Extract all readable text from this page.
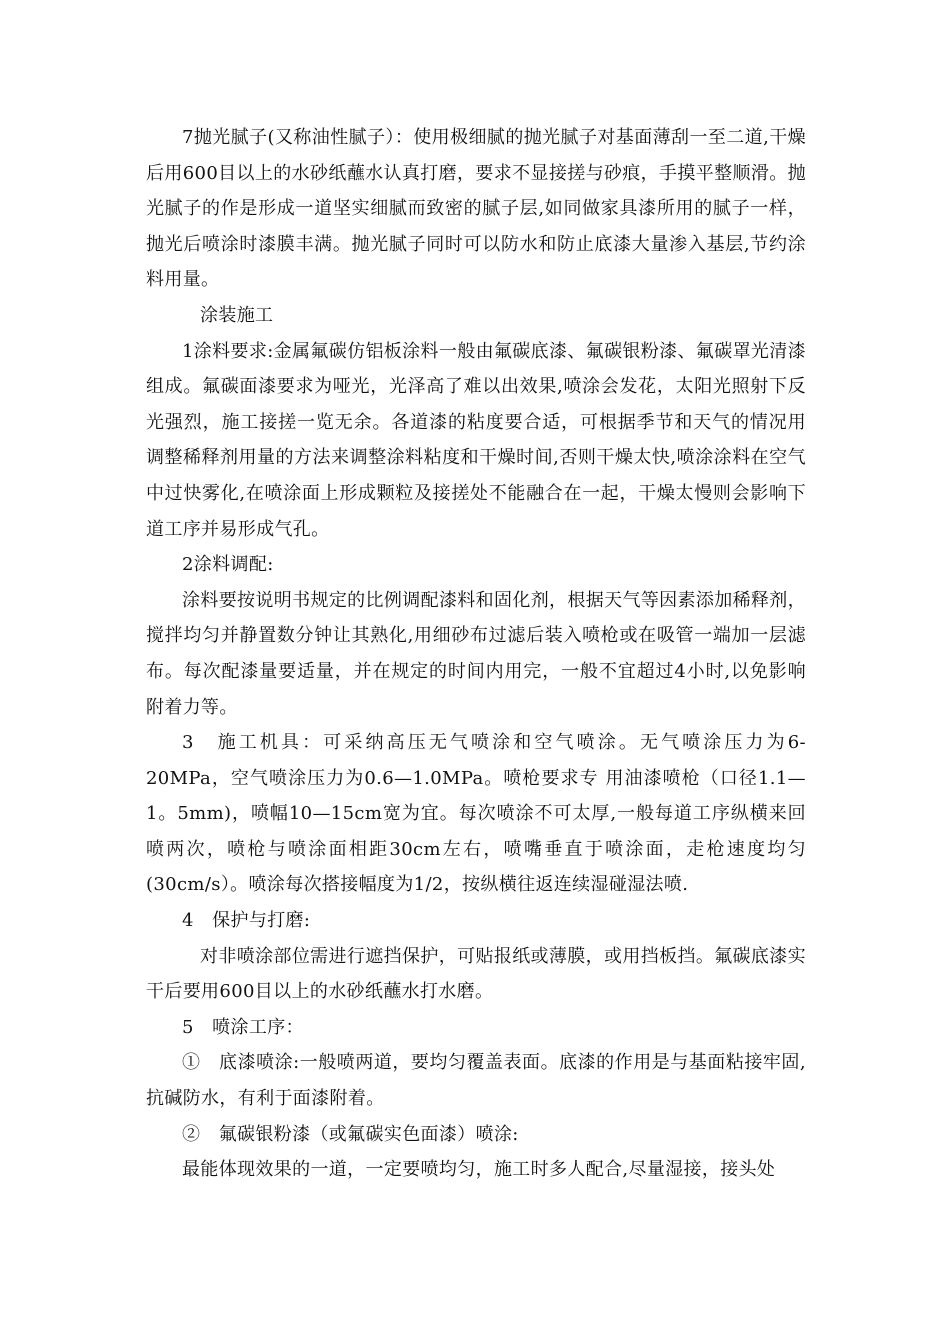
7抛光腻子(又称油性腻子）：使用极细腻的抛光腻子对基面薄刮一至二道,干燥后用600目以上的水砂纸蘸水认真打磨，要求不显接搓与砂痕，手摸平整顺滑。抛光腻子的作是形成一道坚实细腻而致密的腻子层,如同做家具漆所用的腻子一样，抛光后喷涂时漆膜丰满。抛光腻子同时可以防水和防止底漆大量渗入基层,节约涂料用量。

涂装施工

1涂料要求:金属氟碳仿铝板涂料一般由氟碳底漆、氟碳银粉漆、氟碳罩光清漆组成。氟碳面漆要求为哑光，光泽高了难以出效果,喷涂会发花，太阳光照射下反光强烈，施工接搓一览无余。各道漆的粘度要合适，可根据季节和天气的情况用调整稀释剂用量的方法来调整涂料粘度和干燥时间,否则干燥太快,喷涂涂料在空气中过快雾化,在喷涂面上形成颗粒及接搓处不能融合在一起，干燥太慢则会影响下道工序并易形成气孔。

2涂料调配:

涂料要按说明书规定的比例调配漆料和固化剂，根据天气等因素添加稀释剂，搅拌均匀并静置数分钟让其熟化,用细砂布过滤后装入喷枪或在吸管一端加一层滤布。每次配漆量要适量，并在规定的时间内用完，一般不宜超过4小时,以免影响附着力等。

3　施工机具：可采纳高压无气喷涂和空气喷涂。无气喷涂压力为6-20MPa，空气喷涂压力为0.6—1.0MPa。喷枪要求专 用油漆喷枪（口径1.1—1。5mm)，喷幅10—15cm宽为宜。每次喷涂不可太厚,一般每道工序纵横来回喷两次，喷枪与喷涂面相距30cm左右，喷嘴垂直于喷涂面，走枪速度均匀(30cm/s）。喷涂每次搭接幅度为1/2，按纵横往返连续湿碰湿法喷.

4　保护与打磨:

对非喷涂部位需进行遮挡保护，可贴报纸或薄膜，或用挡板挡。氟碳底漆实干后要用600目以上的水砂纸蘸水打水磨。

5　喷涂工序：

①　底漆喷涂:一般喷两道，要均匀覆盖表面。底漆的作用是与基面粘接牢固,抗碱防水，有利于面漆附着。

②　氟碳银粉漆（或氟碳实色面漆）喷涂:

最能体现效果的一道，一定要喷均匀，施工时多人配合,尽量湿接，接头处
